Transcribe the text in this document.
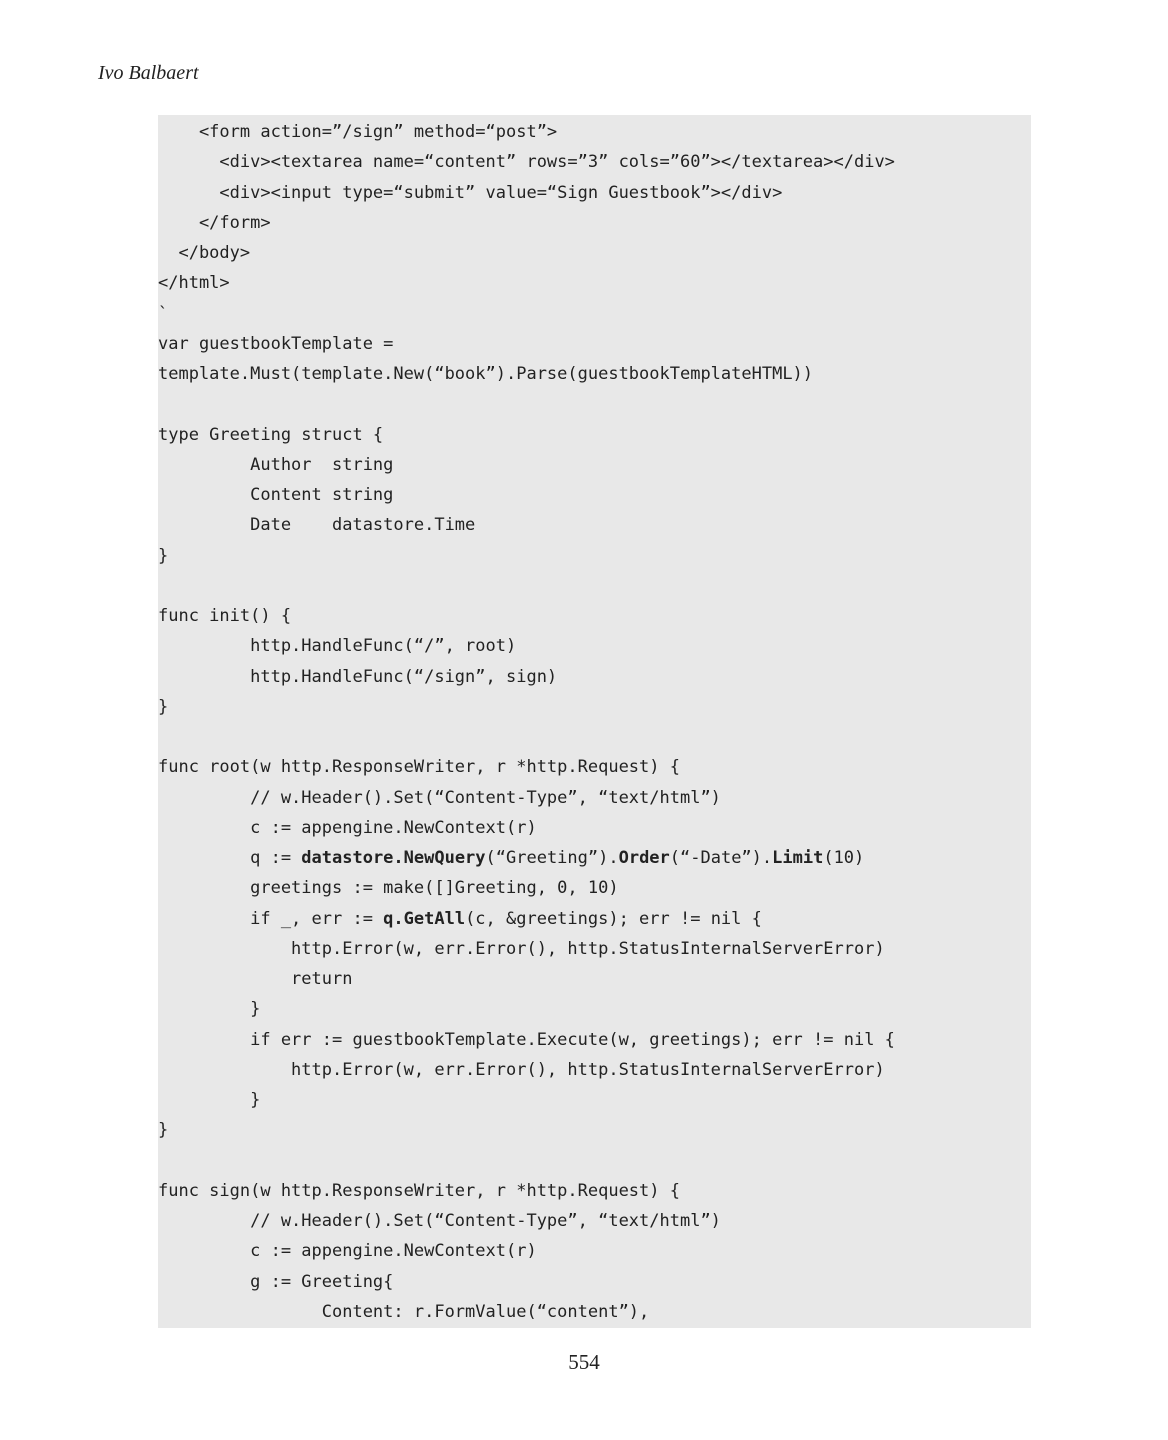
Ivo Balbaert
<form action=”/sign” method=“post”>
<div><textarea name=“content” rows=”3” cols=”60”></textarea></div>
<div><input type=“submit” value=“Sign Guestbook”></div>
</form>
</body>
</html>
`
var guestbookTemplate =
template.Must(template.New(“book”).Parse(guestbookTemplateHTML))
type Greeting struct {
Author  string
Content string
Date    datastore.Time
}
func init() {
http.HandleFunc(“/”, root)
http.HandleFunc(“/sign”, sign)
}
func root(w http.ResponseWriter, r *http.Request) {
// w.Header().Set(“Content-Type”, “text/html”)
c := appengine.NewContext(r)
q := datastore.NewQuery(“Greeting”).Order(“-Date”).Limit(10)
greetings := make([]Greeting, 0, 10)
if _, err := q.GetAll(c, &greetings); err != nil {
http.Error(w, err.Error(), http.StatusInternalServerError)
return
}
if err := guestbookTemplate.Execute(w, greetings); err != nil {
http.Error(w, err.Error(), http.StatusInternalServerError)
}
}
func sign(w http.ResponseWriter, r *http.Request) {
// w.Header().Set(“Content-Type”, “text/html”)
c := appengine.NewContext(r)
g := Greeting{
Content: r.FormValue(“content”),
554
